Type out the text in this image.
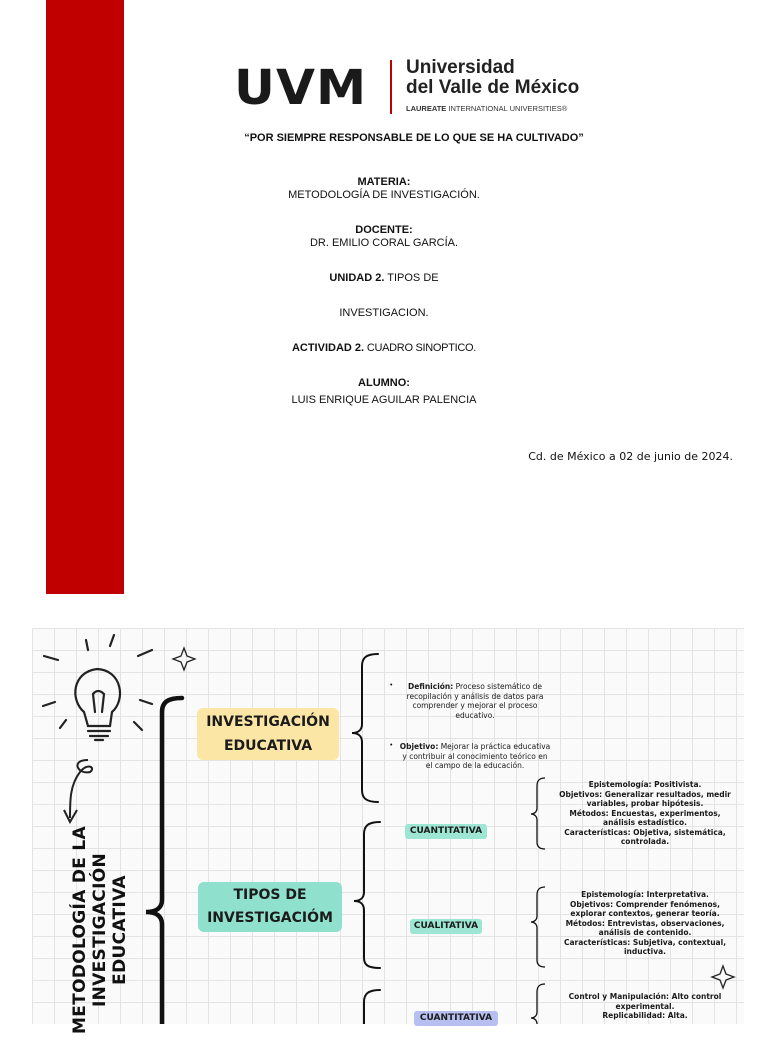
UVM Universidad
del Valle de México
LAUREATE INTERNATIONAL UNIVERSITIES®
“POR SIEMPRE RESPONSABLE DE LO QUE SE HA CULTIVADO”
MATERIA:
METODOLOGÍA DE INVESTIGACIÓN.
DOCENTE:
DR. EMILIO CORAL GARCÍA.
UNIDAD 2. TIPOS DE
INVESTIGACION.
ACTIVIDAD 2. CUADRO SINOPTICO.
ALUMNO:
LUIS ENRIQUE AGUILAR PALENCIA
Cd. de México a 02 de junio de 2024.
METODOLOGÍA DE LA INVESTIGACIÓN EDUCATIVA
INVESTIGACIÓN EDUCATIVA
TIPOS DE INVESTIGACIÓM
•	Definición: Proceso sistemático de recopilación y análisis de datos para comprender y mejorar el proceso educativo.
• Objetivo: Mejorar la práctica educativa y contribuir al conocimiento teórico en el campo de la educación.
CUANTITATIVA
CUALITATIVA
CUANTITATIVA
Epistemología: Positivista.
Objetivos: Generalizar resultados, medir variables, probar hipótesis.
Métodos: Encuestas, experimentos, análisis estadístico.
Características: Objetiva, sistemática, controlada.
Epistemología: Interpretativa.
Objetivos: Comprender fenómenos, explorar contextos, generar teoría.
Métodos: Entrevistas, observaciones, análisis de contenido.
Características: Subjetiva, contextual, inductiva.
Control y Manipulación: Alto control experimental.
Replicabilidad: Alta.
